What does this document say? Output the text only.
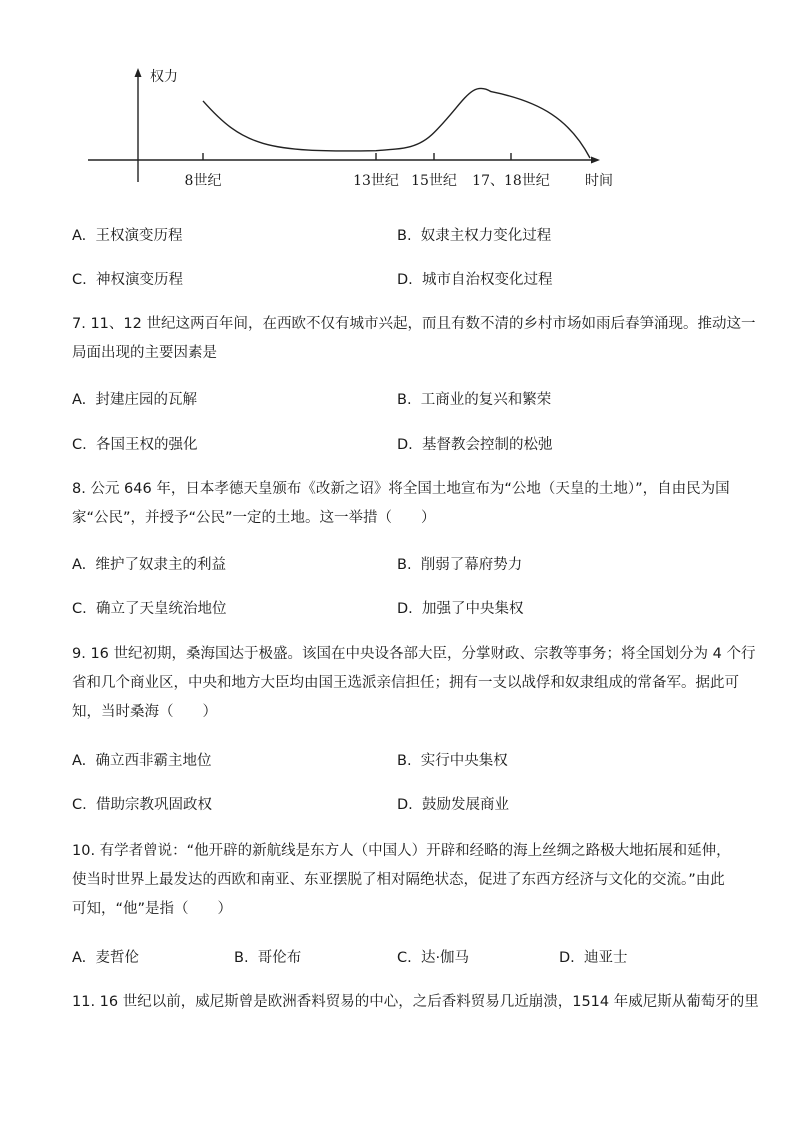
权力
8世纪	13世纪 15世纪 17、18世纪	时间
A. 王权演变历程	B. 奴隶主权力变化过程
C. 神权演变历程	D. 城市自治权变化过程
7. 11、12 世纪这两百年间，在西欧不仅有城市兴起，而且有数不清的乡村市场如雨后春笋涌现。推动这一
局面出现的主要因素是
A. 封建庄园的瓦解	B. 工商业的复兴和繁荣
C. 各国王权的强化	D. 基督教会控制的松弛
8. 公元 646 年，日本孝德天皇颁布《改新之诏》将全国土地宣布为“公地（天皇的土地）”，自由民为国
家“公民”，并授予“公民”一定的土地。这一举措（　　）
A. 维护了奴隶主的利益	B. 削弱了幕府势力
C. 确立了天皇统治地位	D. 加强了中央集权
9. 16 世纪初期，桑海国达于极盛。该国在中央设各部大臣，分掌财政、宗教等事务；将全国划分为 4 个行
省和几个商业区，中央和地方大臣均由国王选派亲信担任；拥有一支以战俘和奴隶组成的常备军。据此可
知，当时桑海（　　）
A. 确立西非霸主地位	B. 实行中央集权
C. 借助宗教巩固政权	D. 鼓励发展商业
10. 有学者曾说：“他开辟的新航线是东方人（中国人）开辟和经略的海上丝绸之路极大地拓展和延伸，
使当时世界上最发达的西欧和南亚、东亚摆脱了相对隔绝状态，促进了东西方经济与文化的交流。”由此
可知，“他”是指（　　）
A. 麦哲伦	B. 哥伦布	C. 达·伽马	D. 迪亚士
11. 16 世纪以前，威尼斯曾是欧洲香料贸易的中心，之后香料贸易几近崩溃，1514 年威尼斯从葡萄牙的里
